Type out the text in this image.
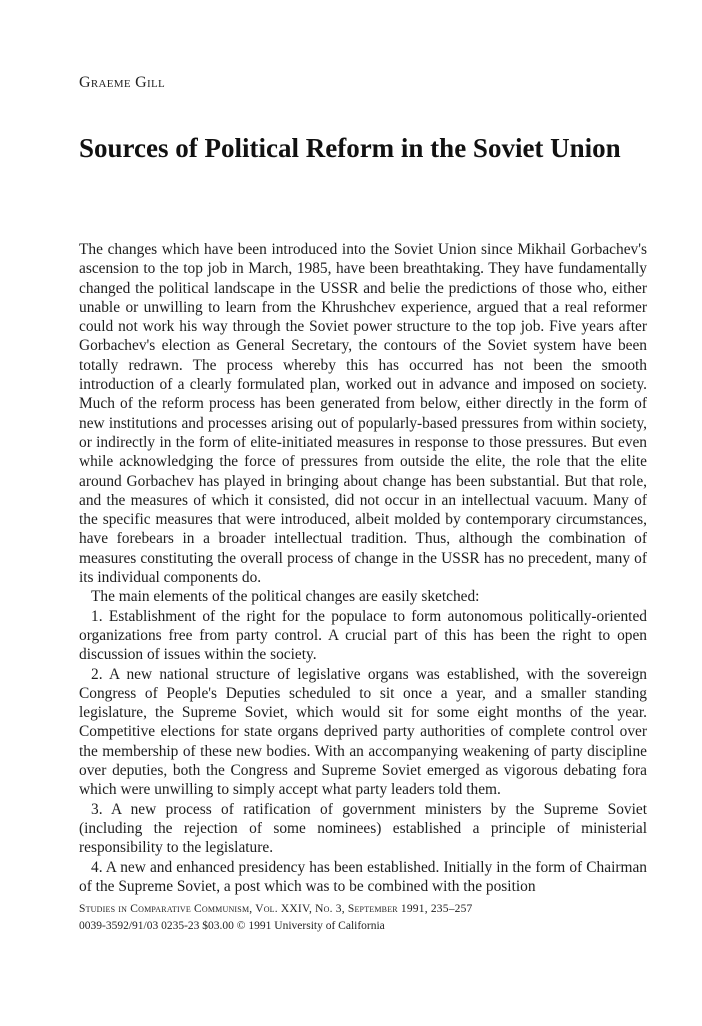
Graeme Gill
Sources of Political Reform in the Soviet Union

The changes which have been introduced into the Soviet Union since Mikhail Gorbachev's ascension to the top job in March, 1985, have been breathtaking. They have fundamentally changed the political landscape in the USSR and belie the predictions of those who, either unable or unwilling to learn from the Khrushchev experience, argued that a real reformer could not work his way through the Soviet power structure to the top job. Five years after Gorbachev's election as General Secretary, the contours of the Soviet system have been totally redrawn. The process whereby this has occurred has not been the smooth introduction of a clearly formulated plan, worked out in advance and imposed on society. Much of the reform process has been generated from below, either directly in the form of new institutions and processes arising out of popularly-based pressures from within society, or indirectly in the form of elite-initiated measures in response to those pressures. But even while acknowledging the force of pressures from outside the elite, the role that the elite around Gorbachev has played in bringing about change has been substantial. But that role, and the measures of which it consisted, did not occur in an intellectual vacuum. Many of the specific measures that were introduced, albeit molded by contemporary circumstances, have forebears in a broader intellectual tradition. Thus, although the combination of measures constituting the overall process of change in the USSR has no precedent, many of its individual components do.

The main elements of the political changes are easily sketched:

1. Establishment of the right for the populace to form autonomous politically-oriented organizations free from party control. A crucial part of this has been the right to open discussion of issues within the society.

2. A new national structure of legislative organs was established, with the sovereign Congress of People's Deputies scheduled to sit once a year, and a smaller standing legislature, the Supreme Soviet, which would sit for some eight months of the year. Competitive elections for state organs deprived party authorities of complete control over the membership of these new bodies. With an accompanying weakening of party discipline over deputies, both the Congress and Supreme Soviet emerged as vigorous debating fora which were unwilling to simply accept what party leaders told them.

3. A new process of ratification of government ministers by the Supreme Soviet (including the rejection of some nominees) established a principle of ministerial responsibility to the legislature.

4. A new and enhanced presidency has been established. Initially in the form of Chairman of the Supreme Soviet, a post which was to be combined with the position

Studies in Comparative Communism, Vol. XXIV, No. 3, September 1991, 235–257
0039-3592/91/03 0235-23 $03.00 © 1991 University of California
